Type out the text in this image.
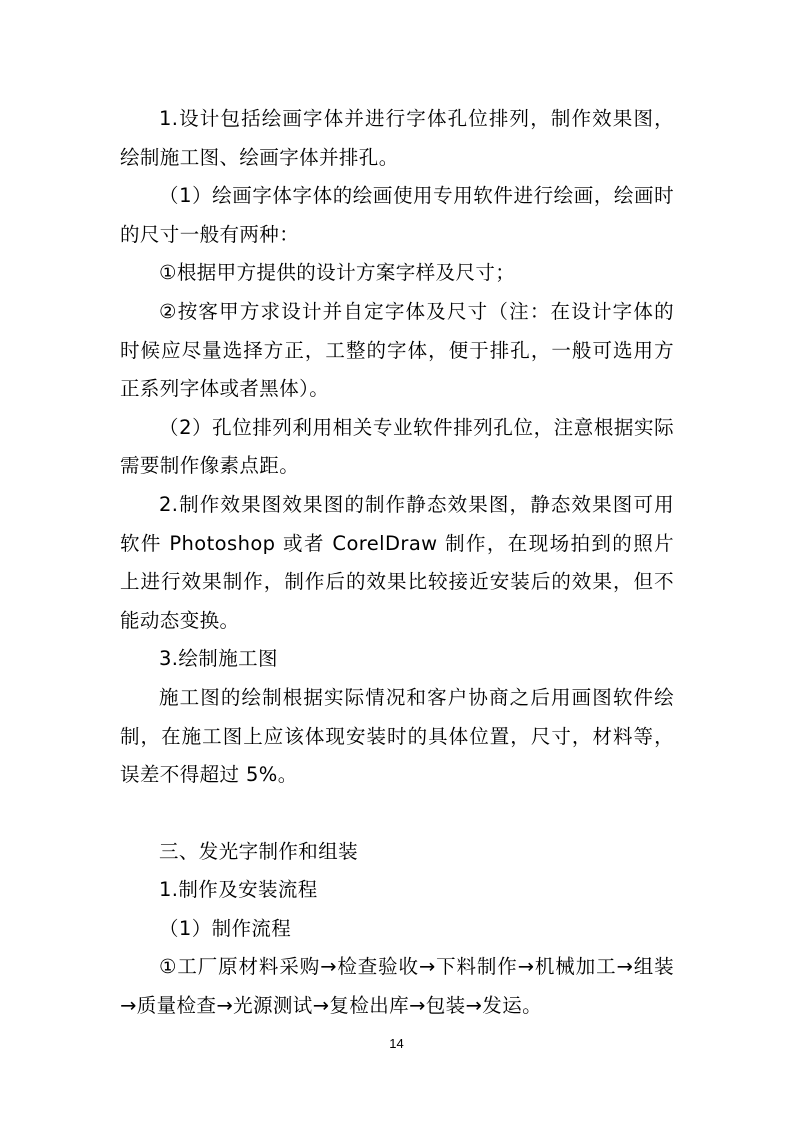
1.设计包括绘画字体并进行字体孔位排列，制作效果图，绘制施工图、绘画字体并排孔。

（1）绘画字体字体的绘画使用专用软件进行绘画，绘画时的尺寸一般有两种：

①根据甲方提供的设计方案字样及尺寸；

②按客甲方求设计并自定字体及尺寸（注：在设计字体的时候应尽量选择方正，工整的字体，便于排孔，一般可选用方正系列字体或者黑体）。

（2）孔位排列利用相关专业软件排列孔位，注意根据实际需要制作像素点距。

2.制作效果图效果图的制作静态效果图，静态效果图可用软件 Photoshop 或者 CorelDraw 制作，在现场拍到的照片上进行效果制作，制作后的效果比较接近安装后的效果，但不能动态变换。

3.绘制施工图

施工图的绘制根据实际情况和客户协商之后用画图软件绘制，在施工图上应该体现安装时的具体位置，尺寸，材料等，误差不得超过 5%。

三、发光字制作和组装

1.制作及安装流程

（1）制作流程

①工厂原材料采购→检查验收→下料制作→机械加工→组装→质量检查→光源测试→复检出库→包装→发运。

14
